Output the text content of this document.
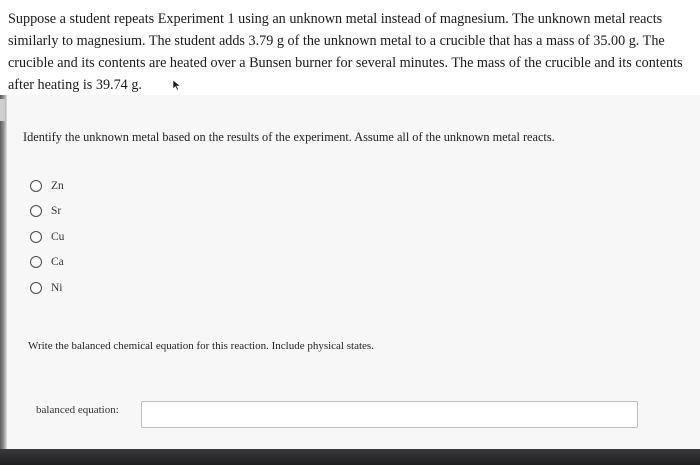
Suppose a student repeats Experiment 1 using an unknown metal instead of magnesium. The unknown metal reacts similarly to magnesium. The student adds 3.79 g of the unknown metal to a crucible that has a mass of 35.00 g. The crucible and its contents are heated over a Bunsen burner for several minutes. The mass of the crucible and its contents after heating is 39.74 g.
Identify the unknown metal based on the results of the experiment. Assume all of the unknown metal reacts.
Zn
Sr
Cu
Ca
Ni
Write the balanced chemical equation for this reaction. Include physical states.
balanced equation:
